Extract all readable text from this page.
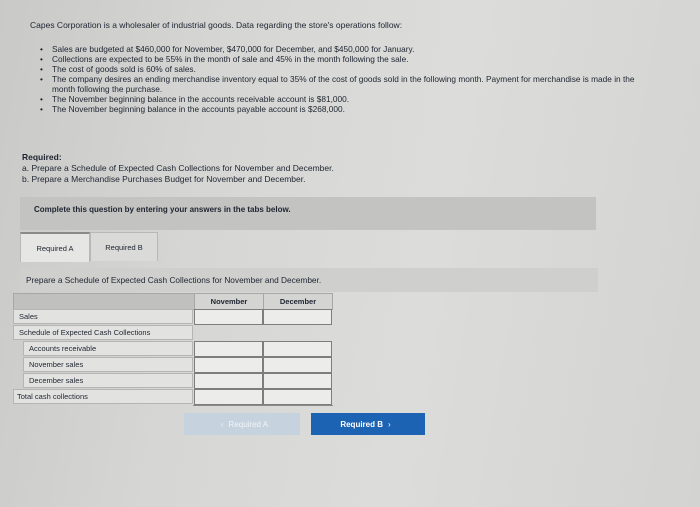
Capes Corporation is a wholesaler of industrial goods. Data regarding the store's operations follow:
• Sales are budgeted at $460,000 for November, $470,000 for December, and $450,000 for January.
• Collections are expected to be 55% in the month of sale and 45% in the month following the sale.
• The cost of goods sold is 60% of sales.
• The company desires an ending merchandise inventory equal to 35% of the cost of goods sold in the following month. Payment for merchandise is made in the month following the purchase.
• The November beginning balance in the accounts receivable account is $81,000.
• The November beginning balance in the accounts payable account is $268,000.
Required:
a. Prepare a Schedule of Expected Cash Collections for November and December.
b. Prepare a Merchandise Purchases Budget for November and December.
Complete this question by entering your answers in the tabs below.
Required A	Required B
Prepare a Schedule of Expected Cash Collections for November and December.
November	December
Sales
Schedule of Expected Cash Collections
Accounts receivable
November sales
December sales
Total cash collections
‹ Required A	Required B ›
